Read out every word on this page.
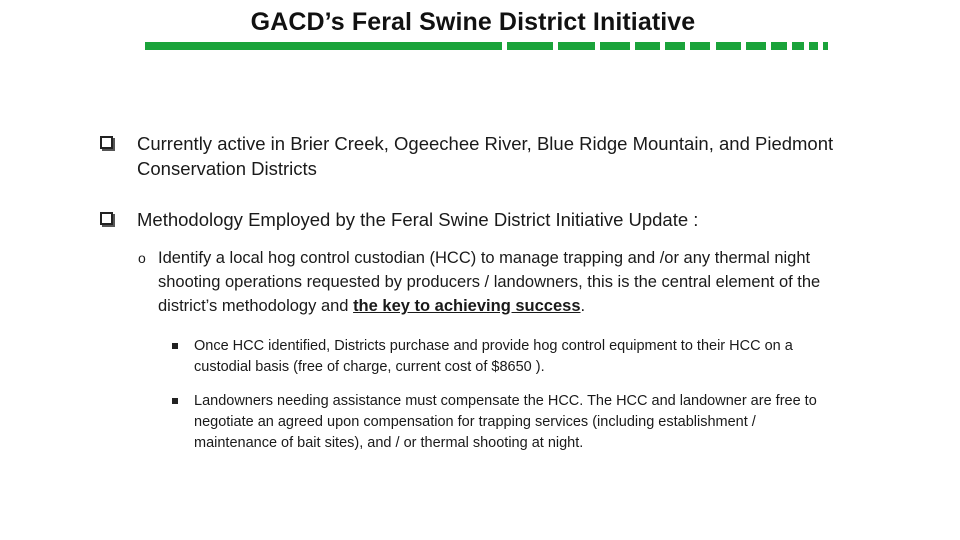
GACD’s Feral Swine District Initiative
Currently active in Brier Creek, Ogeechee River, Blue Ridge Mountain, and Piedmont Conservation Districts
Methodology Employed by the Feral Swine District Initiative Update :
o Identify a local hog control custodian (HCC) to manage trapping and /or any thermal night shooting operations requested by producers / landowners, this is the central element of the district’s methodology and the key to achieving success.
Once HCC identified, Districts purchase and provide hog control equipment to their HCC on a custodial basis (free of charge, current cost of $8650 ).
Landowners needing assistance must compensate the HCC. The HCC and landowner are free to negotiate an agreed upon compensation for trapping services (including establishment / maintenance of bait sites), and / or thermal shooting at night.
